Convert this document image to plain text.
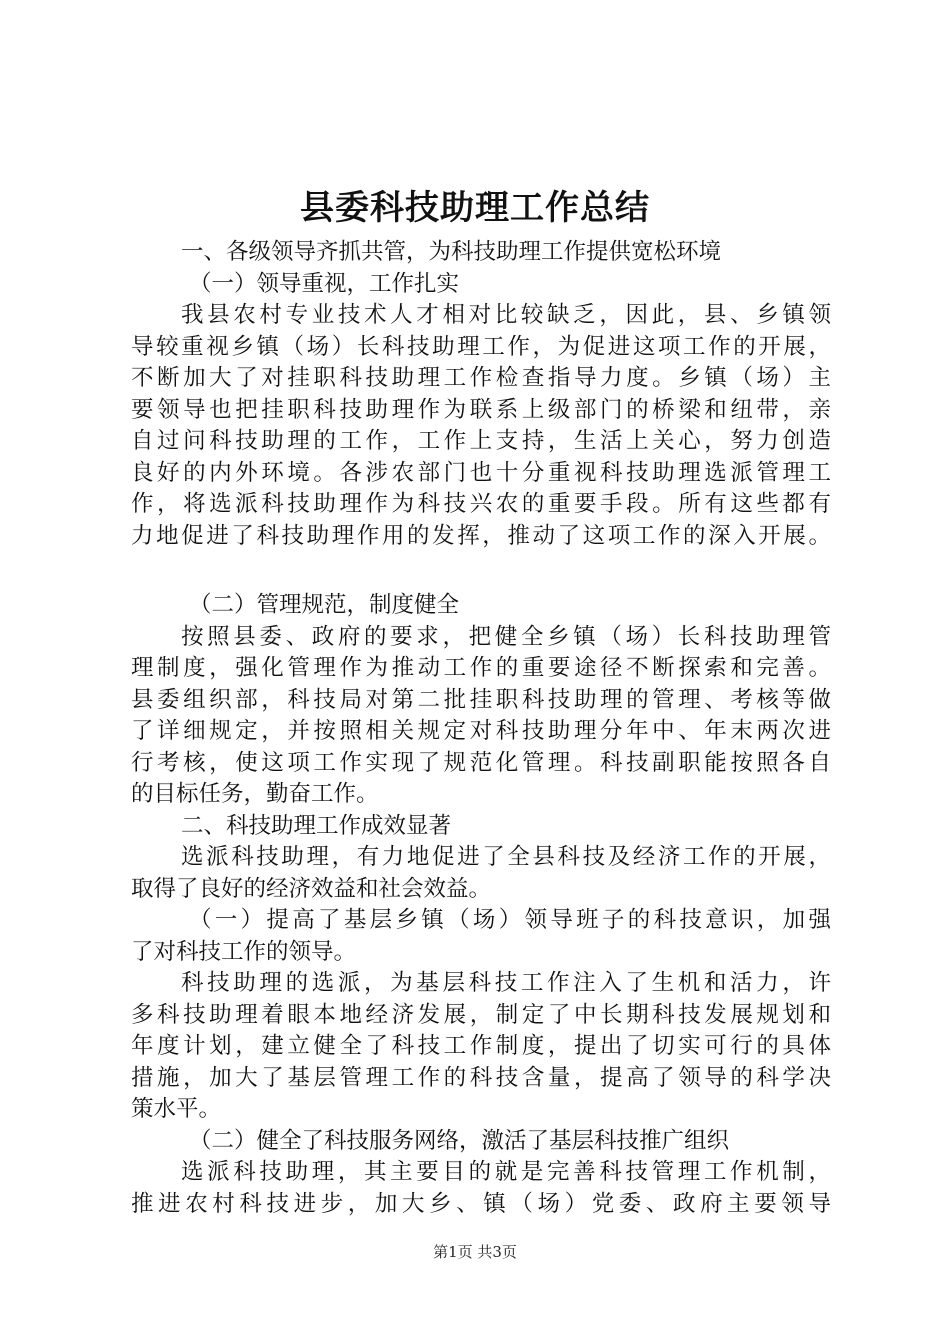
县委科技助理工作总结

一、各级领导齐抓共管，为科技助理工作提供宽松环境

（一）领导重视，工作扎实

我县农村专业技术人才相对比较缺乏，因此，县、乡镇领

导较重视乡镇（场）长科技助理工作，为促进这项工作的开展，

不断加大了对挂职科技助理工作检查指导力度。乡镇（场）主

要领导也把挂职科技助理作为联系上级部门的桥梁和纽带，亲

自过问科技助理的工作，工作上支持，生活上关心，努力创造

良好的内外环境。各涉农部门也十分重视科技助理选派管理工

作，将选派科技助理作为科技兴农的重要手段。所有这些都有

力地促进了科技助理作用的发挥，推动了这项工作的深入开展。

（二）管理规范，制度健全

按照县委、政府的要求，把健全乡镇（场）长科技助理管

理制度，强化管理作为推动工作的重要途径不断探索和完善。

县委组织部，科技局对第二批挂职科技助理的管理、考核等做

了详细规定，并按照相关规定对科技助理分年中、年末两次进

行考核，使这项工作实现了规范化管理。科技副职能按照各自

的目标任务，勤奋工作。

二、科技助理工作成效显著

选派科技助理，有力地促进了全县科技及经济工作的开展，

取得了良好的经济效益和社会效益。

（一）提高了基层乡镇（场）领导班子的科技意识，加强

了对科技工作的领导。

科技助理的选派，为基层科技工作注入了生机和活力，许

多科技助理着眼本地经济发展，制定了中长期科技发展规划和

年度计划，建立健全了科技工作制度，提出了切实可行的具体

措施，加大了基层管理工作的科技含量，提高了领导的科学决

策水平。

（二）健全了科技服务网络，激活了基层科技推广组织

选派科技助理，其主要目的就是完善科技管理工作机制，

推进农村科技进步，加大乡、镇（场）党委、政府主要领导

第1页 共3页
